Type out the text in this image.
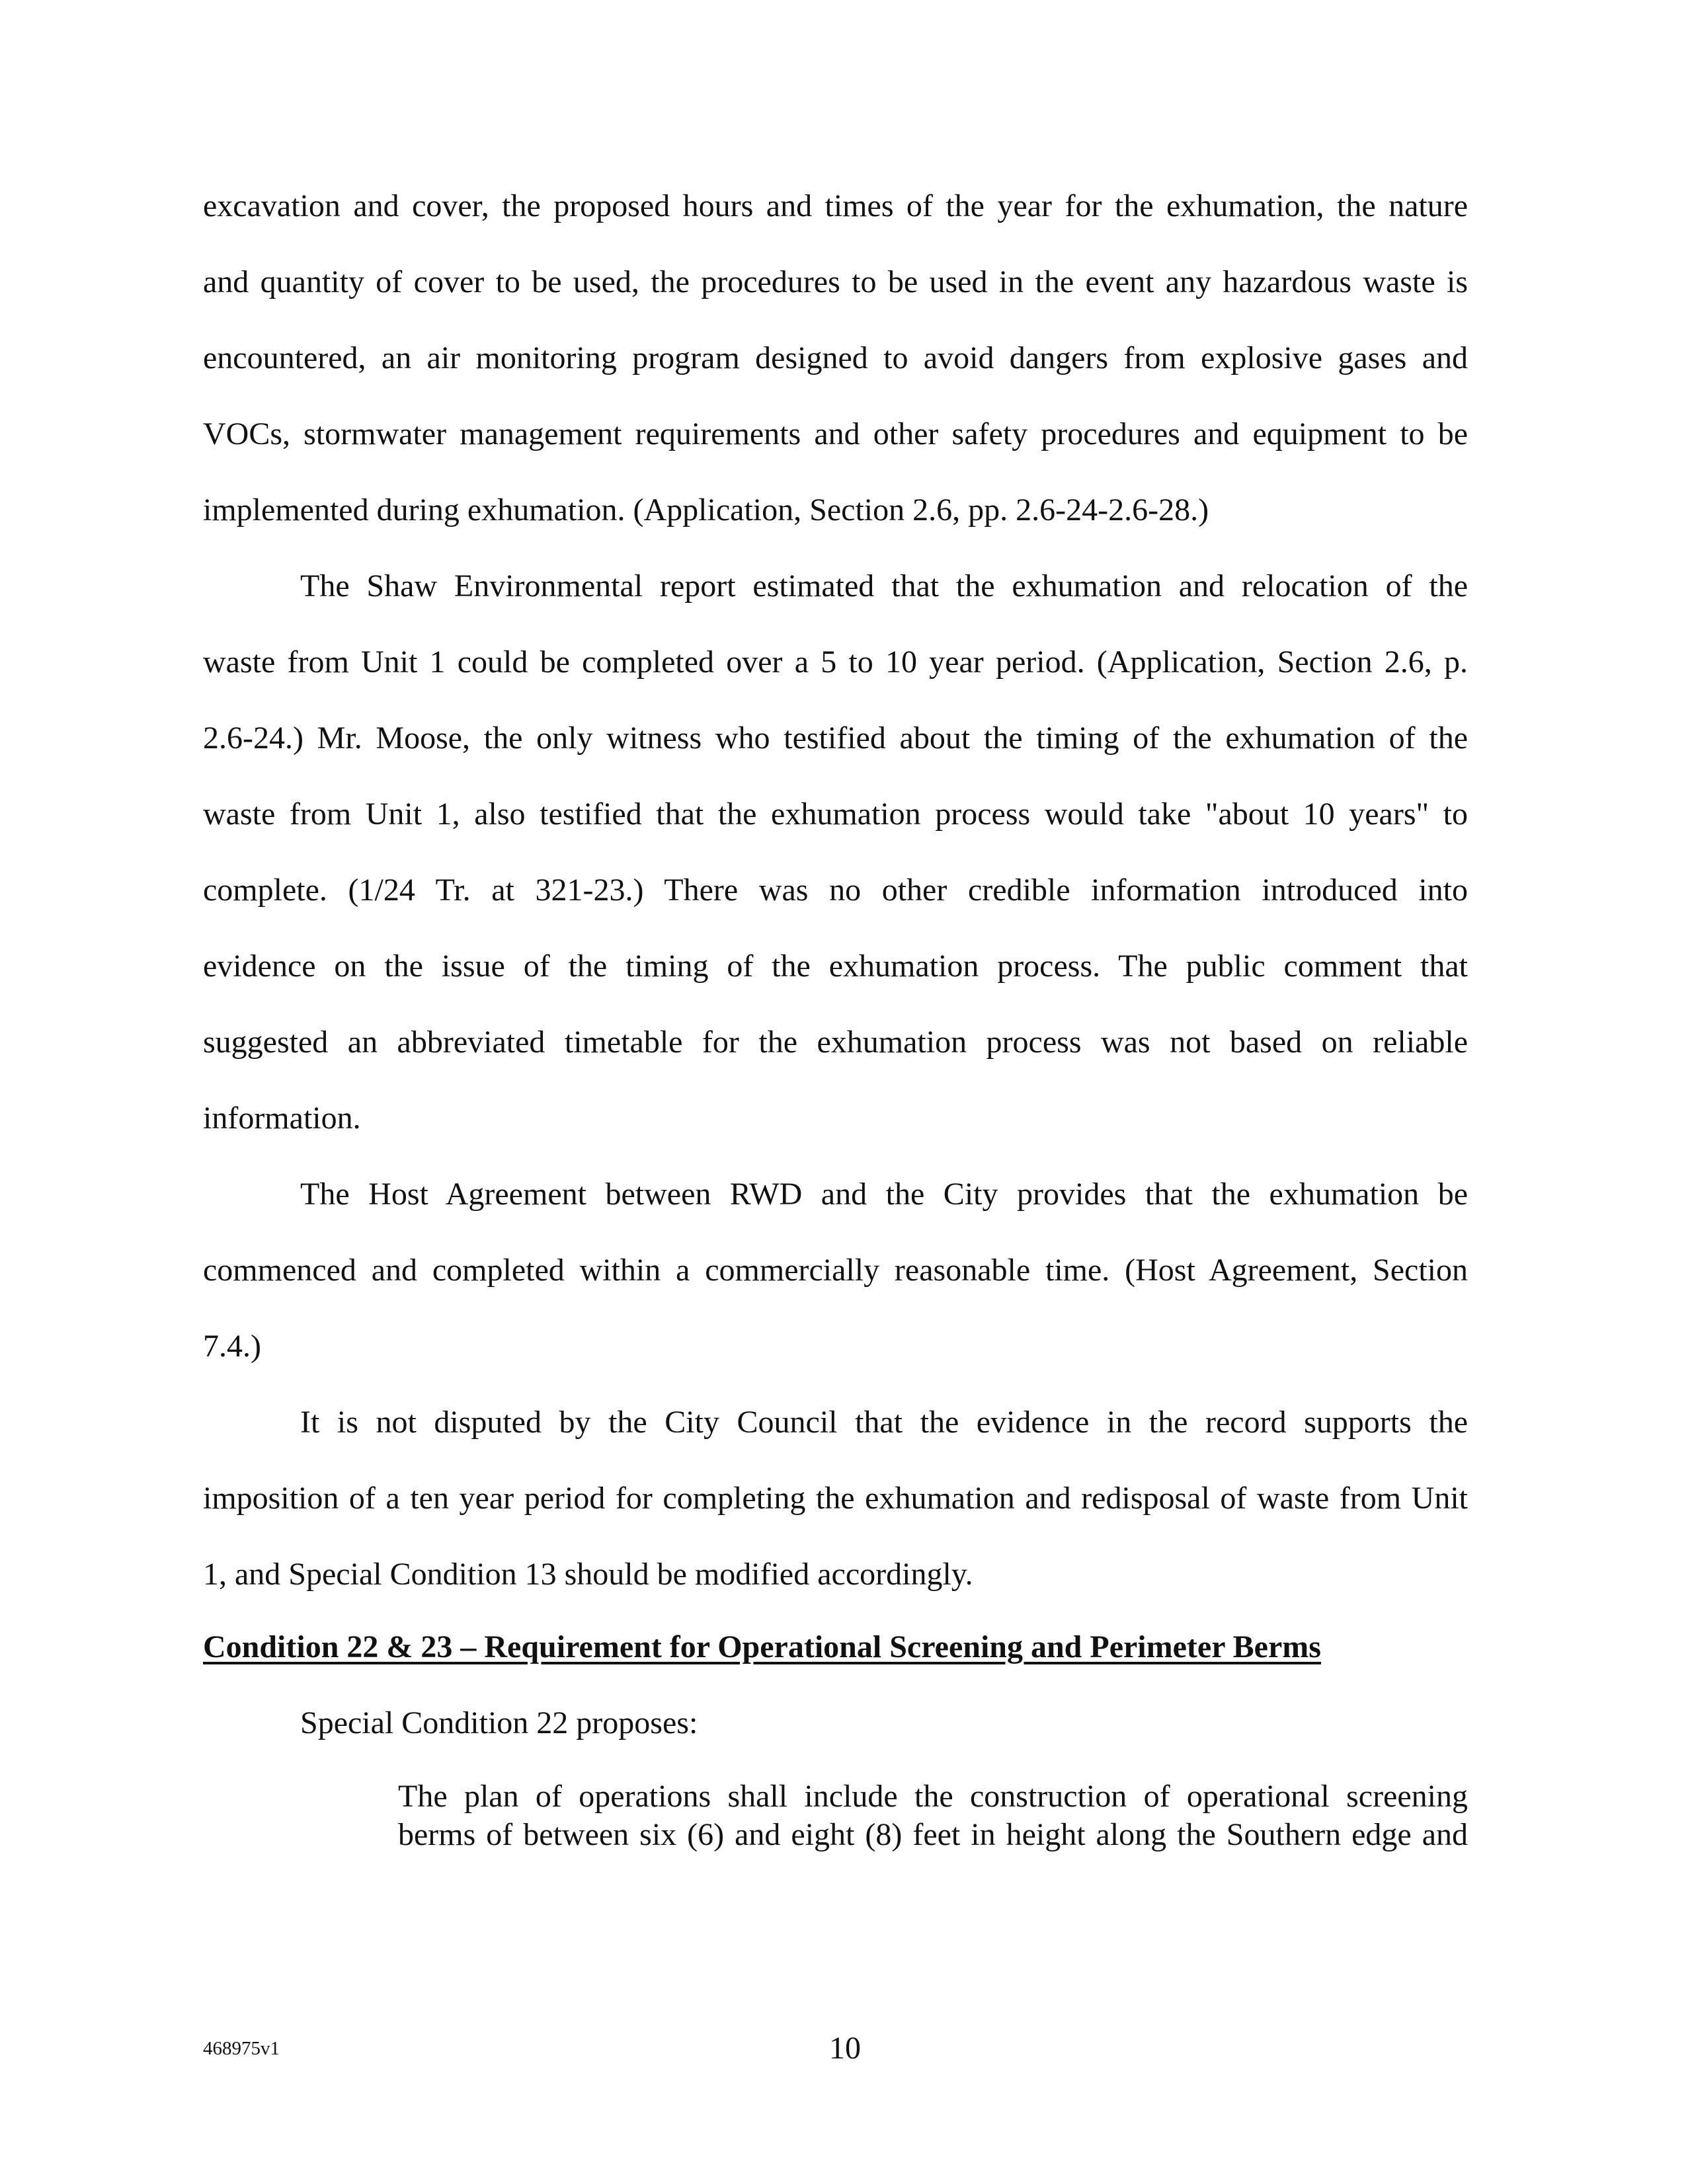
excavation and cover, the proposed hours and times of the year for the exhumation, the nature
and quantity of cover to be used, the procedures to be used in the event any hazardous waste is
encountered, an air monitoring program designed to avoid dangers from explosive gases and
VOCs, stormwater management requirements and other safety procedures and equipment to be
implemented during exhumation. (Application, Section 2.6, pp. 2.6-24-2.6-28.)
The Shaw Environmental report estimated that the exhumation and relocation of the
waste from Unit 1 could be completed over a 5 to 10 year period. (Application, Section 2.6, p.
2.6-24.) Mr. Moose, the only witness who testified about the timing of the exhumation of the
waste from Unit 1, also testified that the exhumation process would take "about 10 years" to
complete. (1/24 Tr. at 321-23.) There was no other credible information introduced into
evidence on the issue of the timing of the exhumation process. The public comment that
suggested an abbreviated timetable for the exhumation process was not based on reliable
information.
The Host Agreement between RWD and the City provides that the exhumation be
commenced and completed within a commercially reasonable time. (Host Agreement, Section
7.4.)
It is not disputed by the City Council that the evidence in the record supports the
imposition of a ten year period for completing the exhumation and redisposal of waste from Unit
1, and Special Condition 13 should be modified accordingly.
Condition 22 & 23 – Requirement for Operational Screening and Perimeter Berms
Special Condition 22 proposes:
The plan of operations shall include the construction of operational screening
berms of between six (6) and eight (8) feet in height along the Southern edge and
468975v1	10
